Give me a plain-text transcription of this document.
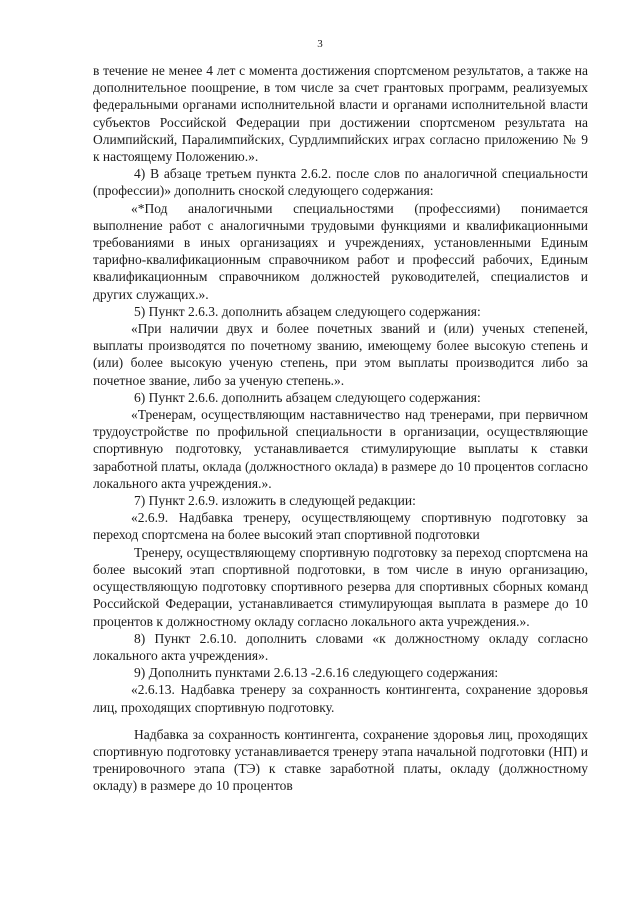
3

в течение не менее 4 лет с момента достижения спортсменом результатов, а также на дополнительное поощрение, в том числе за счет грантовых программ, реализуемых федеральными органами исполнительной власти и органами исполнительной власти субъектов Российской Федерации при достижении спортсменом результата на Олимпийский, Паралимпийских, Сурдлимпийских играх согласно приложению № 9 к настоящему Положению.».

4) В абзаце третьем пункта 2.6.2. после слов по аналогичной специальности (профессии)» дополнить сноской следующего содержания:

«*Под аналогичными специальностями (профессиями) понимается выполнение работ с аналогичными трудовыми функциями и квалификационными требованиями в иных организациях и учреждениях, установленными Единым тарифно-квалификационным справочником работ и профессий рабочих, Единым квалификационным справочником должностей руководителей, специалистов и других служащих.».

5) Пункт 2.6.3. дополнить абзацем следующего содержания:

«При наличии двух и более почетных званий и (или) ученых степеней, выплаты производятся по почетному званию, имеющему более высокую степень и (или) более высокую ученую степень, при этом выплаты производится либо за почетное звание, либо за ученую степень.».

6) Пункт 2.6.6. дополнить абзацем следующего содержания:

«Тренерам, осуществляющим наставничество над тренерами, при первичном трудоустройстве по профильной специальности в организации, осуществляющие спортивную подготовку, устанавливается стимулирующие выплаты к ставки заработной платы, оклада (должностного оклада) в размере до 10 процентов согласно локального акта учреждения.».

7) Пункт 2.6.9. изложить в следующей редакции:

«2.6.9. Надбавка тренеру, осуществляющему спортивную подготовку за переход спортсмена на более высокий этап спортивной подготовки

Тренеру, осуществляющему спортивную подготовку за переход спортсмена на более высокий этап спортивной подготовки, в том числе в иную организацию, осуществляющую подготовку спортивного резерва для спортивных сборных команд Российской Федерации, устанавливается стимулирующая выплата в размере до 10 процентов к должностному окладу согласно локального акта учреждения.».

8) Пункт 2.6.10. дополнить словами «к должностному окладу согласно локального акта учреждения».

9) Дополнить пунктами 2.6.13 -2.6.16 следующего содержания:

«2.6.13. Надбавка тренеру за сохранность контингента, сохранение здоровья лиц, проходящих спортивную подготовку.

Надбавка за сохранность контингента, сохранение здоровья лиц, проходящих спортивную подготовку устанавливается тренеру этапа начальной подготовки (НП) и тренировочного этапа (ТЭ) к ставке заработной платы, окладу (должностному окладу) в размере до 10 процентов
